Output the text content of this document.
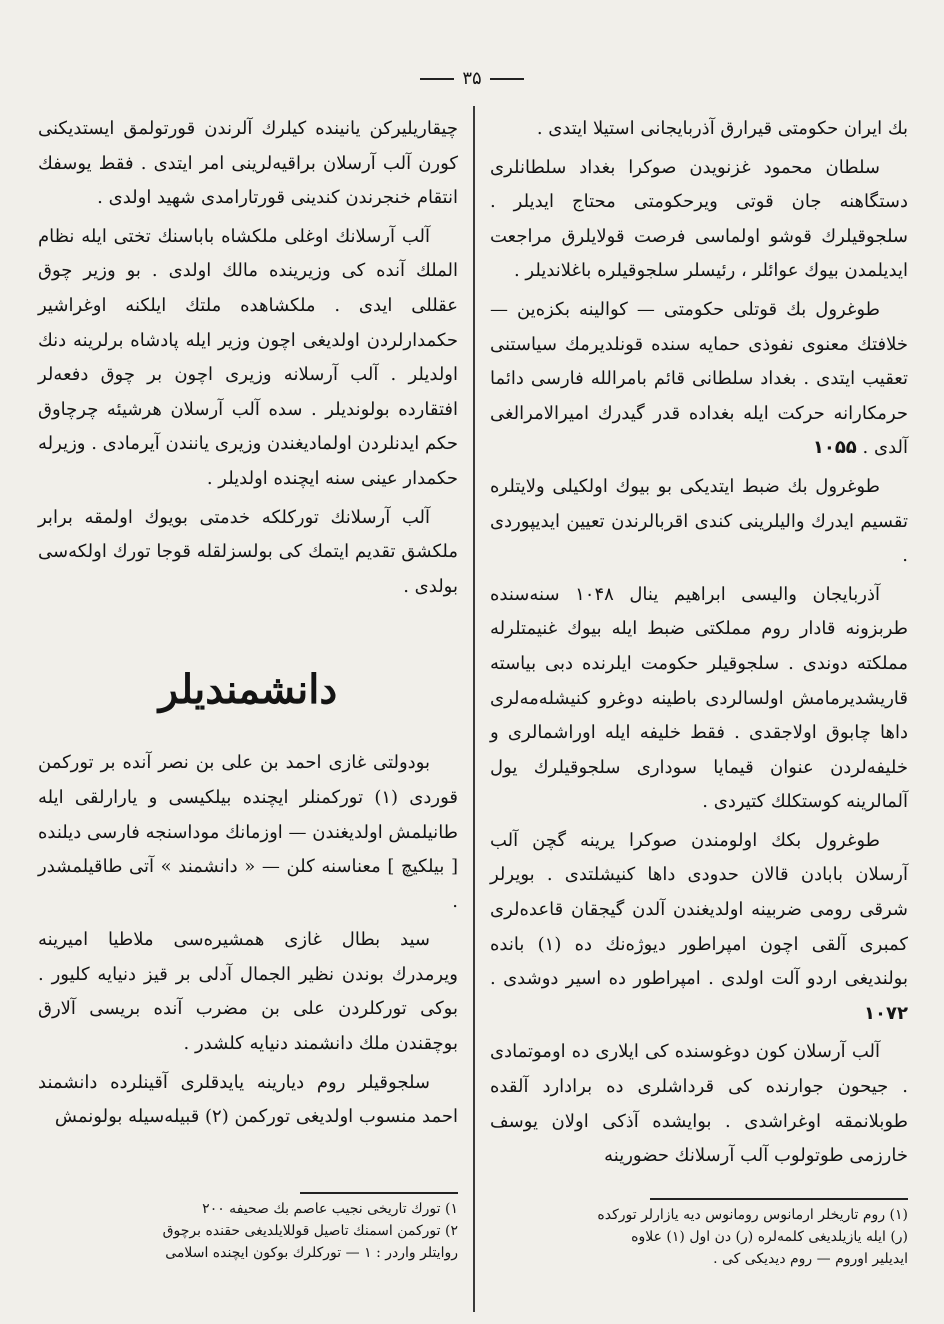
۳۵

بك ایران حكومتی قیرارق آذربایجانی استیلا ایتدی .

سلطان محمود غزنویدن صوكرا بغداد سلطانلری دستگاهنه جان قوتی ویرحكومتی محتاج ایدیلر . سلجوقیلرك قوشو اولماسی فرصت قولایلرق مراجعت ایدیلمدن بیوك عوائلر ، رئیسلر سلجوقیلره باغلاندیلر .

طوغرول بك قوتلی حكومتی — كوالینه بكزه‌ین — خلافتك معنوی نفوذی حمایه سنده قونلدیرمك سیاستنی تعقیب ایتدی . بغداد سلطانی قائم بامرالله‌ فارسی دائما حرمكارانه حرکت ایله بغداده قدر گیدرك امیرالامرالغی آلدی . ۱۰۵۵

طوغرول بك ضبط ایتدیکی بو بیوك اولكیلی ولایتلره تقسیم ایدرك والیلرینی كندی اقربالرندن تعیین ایدیپوردی .

آذربایجان والیسی ابراهیم ینال ۱۰۴۸ سنه‌سنده طربزونه قادار روم مملكتی ضبط ایله بیوك غنیمتلرله مملكته دوندی . سلجوقیلر حكومت ایلرنده دبی بیاسته قاریشدیرمامش اولسالردی باطینه دوغرو كنیشله‌مه‌لری داها چابوق اولاجقدی . فقط خلیفه ایله اوراشمالری و خلیفه‌لردن عنوان قیمایا سوداری سلجوقیلرك یول آلمالرینه كوستكلك كتیردی .

طوغرول بكك اولومندن صوكرا یرینه گچن آلب آرسلان بابادن قالان حدودی داها كنیشلتدی . بویرلر شرقی رومی ضربینه اولدیغندن آلدن گیجقان قاعده‌لری كمبری آلقی اچون امپراطور دیوژه‌نك ده (۱) بانده بولندیغی اردو آلت اولدی . امپراطور ده اسیر دوشدی . ۱۰۷۲

آلب آرسلان كون دوغوسنده كی ایلاری ده اوموتمادی . جیحون جوارنده كی قرداشلری ده برادارد آلقده طوبلانمقه اوغراشدی . بوایشده آذكی اولان یوسف خارزمی طوتولوب آلب آرسلانك حضورینه

چیقاریلیركن یانینده كیلرك آلرندن قورتولمق ایستدیكنی كورن آلب آرسلان براقیه‌لرینی امر ایتدی . فقط یوسفك انتقام خنجرندن كندینی قورتارامدی شهید اولدی .

آلب آرسلانك اوغلی ملكشاه باباسنك تختی ایله نظام الملك آنده كی وزیرینده مالك اولدی . بو وزیر چوق عقللی ایدی . ملكشاهده ملتك ایلكنه اوغراشیر حكمدارلردن اولدیغی اچون وزیر ایله پادشاه برلرینه دنك اولدیلر . آلب آرسلانه وزیری اچون بر چوق دفعه‌لر افتقارده بولوندیلر . سده آلب آرسلان هرشیئه چرچاوق حكم ایدنلردن اولمادیغندن وزیری یانندن آیرمادی . وزیرله حكمدار عینی سنه ایچنده اولدیلر .

آلب آرسلانك توركلكه خدمتی بویوك اولمقه برابر ملكشق تقدیم ایتمك كی بولسزلقله قوجا تورك اولكه‌سی بولدی .

دانشمندیلر

بودولتی غازی احمد بن علی بن نصر آنده بر تورکمن قوردی (۱) توركمنلر ایچنده بیلكیسی و یارارلقی ایله طانیلمش اولدیغندن — اوزمانك موداسنجه فارسی دیلنده [ بیلكیچ ] معناسنه كلن — « دانشمند » آتی طاقیلمشدر .

سید بطال غازی همشیره‌سی ملاطیا امیرینه ویرمدرك بوندن نظیر الجمال آدلی بر قیز دنیایه كلیور . بوكی توركلردن علی بن مضرب آنده بریسی آلارق بوچقندن ملك دانشمند دنیایه كلشدر .

سلجوقیلر روم دیارینه یایدقلری آقینلرده دانشمند احمد منسوب اولدیغی تورکمن (۲) قبیله‌سیله بولونمش

(۱) روم تاریخلر ارمانوس رومانوس‌ دیه یازارلر توركده
(ر) ایله یازیلدیغی كلمه‌لره (ر) دن اول (۱) علاوه
ایدیلیر اوروم — روم دیدیكی كی .
۱) تورك تاریخی نجیب عاصم بك صحیفه ۲۰۰
۲) توركمن اسمنك تاصیل قوللایلدیغی حقنده برچوق
روایتلر واردر : ۱ — تورکلرك بوکون ایچنده اسلامی
